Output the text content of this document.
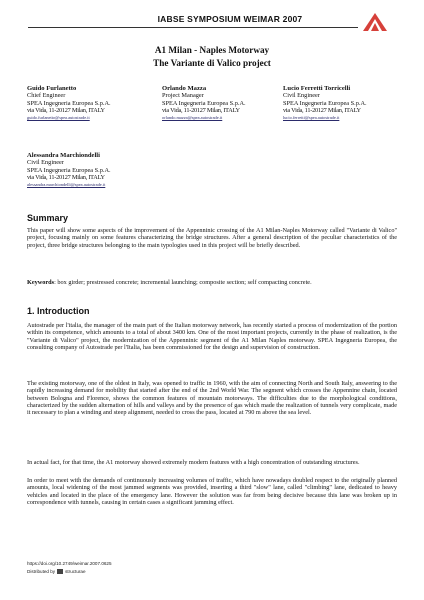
IABSE SYMPOSIUM WEIMAR 2007
A1 Milan - Naples Motorway
The Variante di Valico project
Guido Furlanetto
Chief Engineer
SPEA Ingegneria Europea S.p.A.
via Vida, 11-20127 Milan, ITALY
guido.furlanetto@spea.autostrade.it
Orlando Mazza
Project Manager
SPEA Ingegneria Europea S.p.A.
via Vida, 11-20127 Milan, ITALY
orlando.mazza@spea.autostrade.it
Lucio Ferretti Torricelli
Civil Engineer
SPEA Ingegneria Europea S.p.A.
via Vida, 11-20127 Milan, ITALY
lucio.ferretti@spea.autostrade.it
Alessandra Marchiondelli
Civil Engineer
SPEA Ingegneria Europea S.p.A.
via Vida, 11-20127 Milan, ITALY
alessandra.marchiondelli@spea.autostrade.it
Summary

This paper will show some aspects of the improvement of the Appenninic crossing of the A1 Milan-Naples Motorway called "Variante di Valico" project, focusing mainly on some features characterizing the bridge structures. After a general description of the peculiar characteristics of the project, three bridge structures belonging to the main typologies used in this project will be briefly described.

Keywords: box girder; prestressed concrete; incremental launching; composite section; self compacting concrete.

1. Introduction

Autostrade per l'italia, the manager of the main part of the Italian motorway network, has recently started a process of modernization of the portion within its competence, which amounts to a total of about 3400 km. One of the most important projects, currently in the phase of realization, is the "Variante di Valico" project, the modernization of the Appenninic segment of the A1 Milan Naples motorway. SPEA Ingegneria Europea, the consulting company of Autostrade per l'Italia, has been commissioned for the design and supervision of construction.

The existing motorway, one of the oldest in Italy, was opened to traffic in 1960, with the aim of connecting North and South Italy, answering to the rapidly increasing demand for mobility that started after the end of the 2nd World War. The segment which crosses the Appennine chain, located between Bologna and Florence, shows the common features of mountain motorways. The difficulties due to the morphological conditions, characterized by the sudden alternation of hills and valleys and by the presence of gas which made the realization of tunnels very complicate, made it necessary to plan a winding and steep alignment, needed to cross the pass, located at 790 m above the sea level.

In actual fact, for that time, the A1 motorway showed extremely modern features with a high concentration of outstanding structures.

In order to meet with the demands of continuously increasing volumes of traffic, which have nowadays doubled respect to the originally planned amounts, local widening of the most jammed segments was provided, inserting a third "slow" lane, called "climbing" lane, dedicated to heavy vehicles and located in the place of the emergency lane. However the solution was far from being decisive because this lane was broken up in correspondence with tunnels, causing in certain cases a significant jamming effect.

https://doi.org/10.2749/weimar.2007.0625
Distributed by structurae
